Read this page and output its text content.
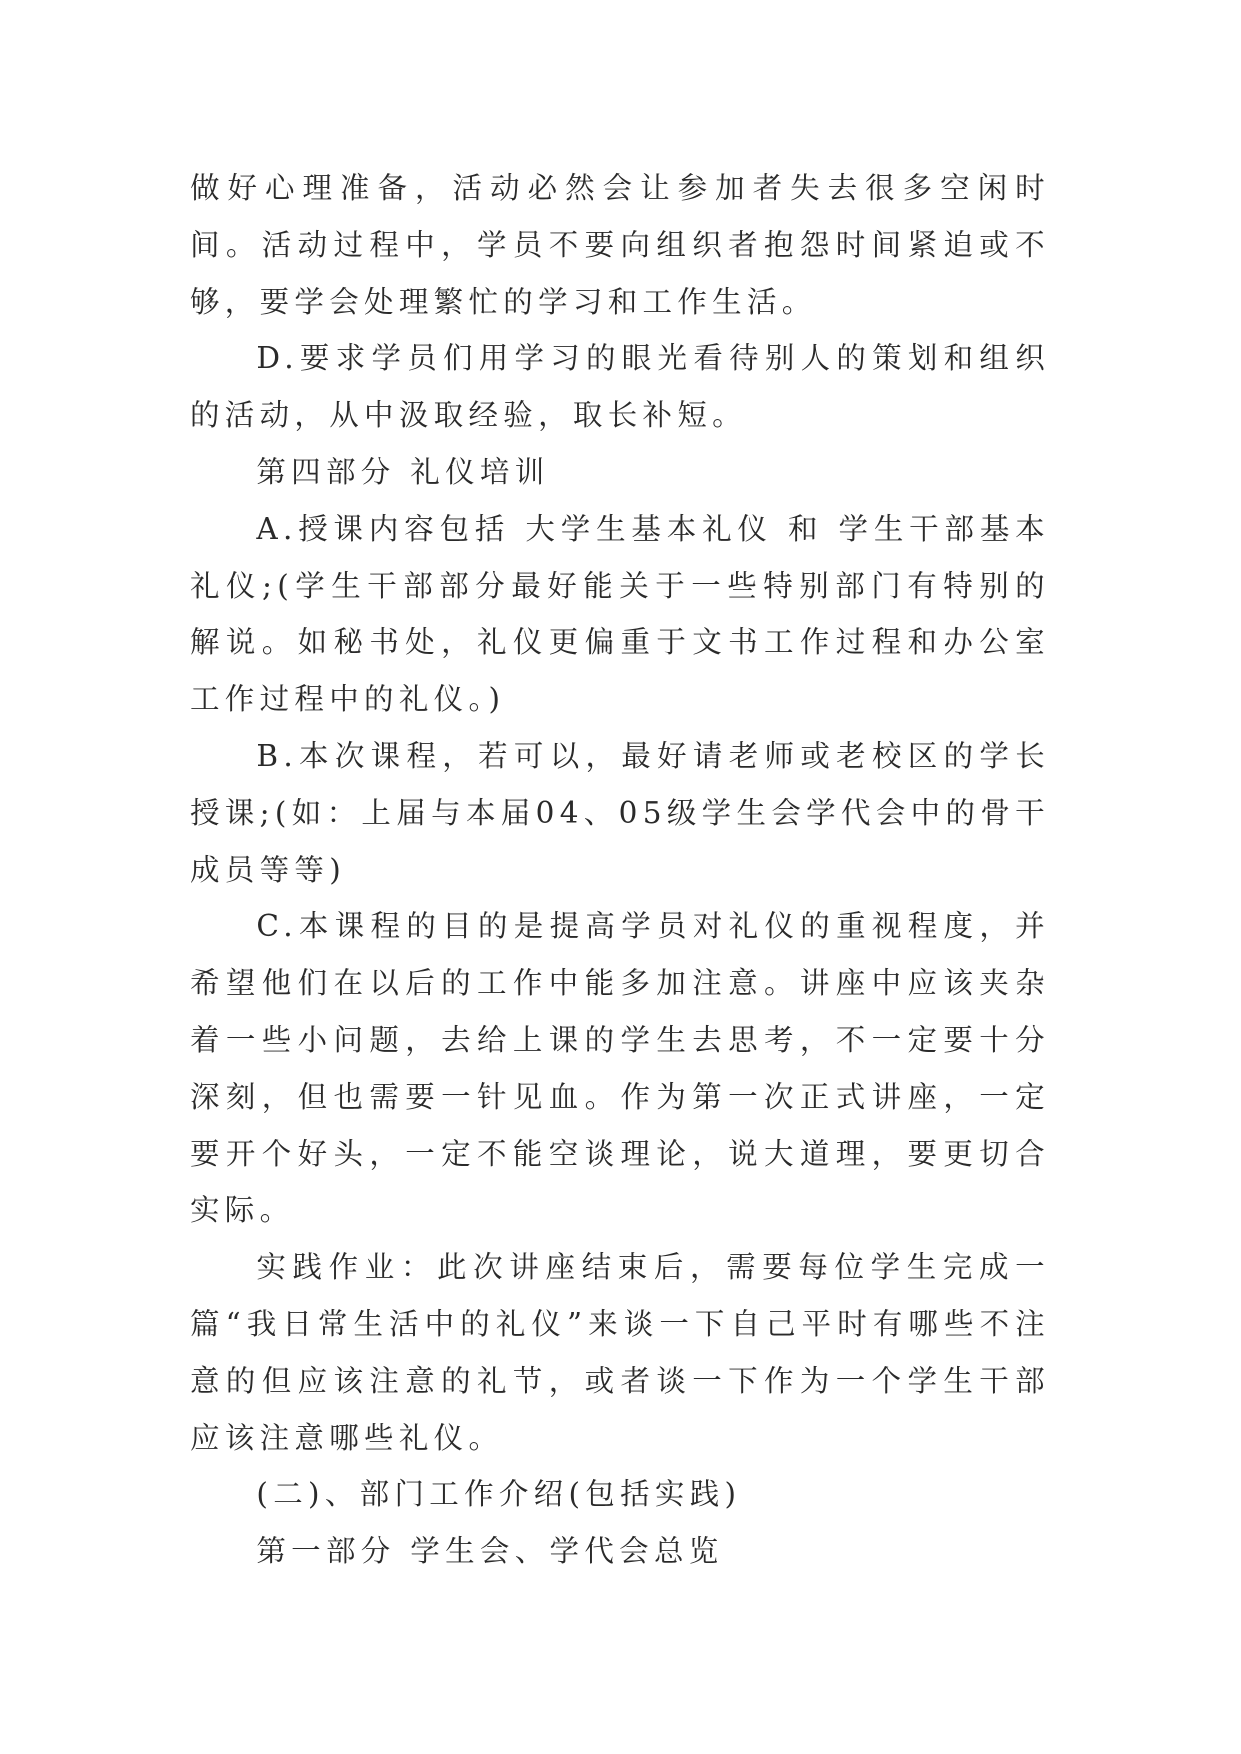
做好心理准备，活动必然会让参加者失去很多空闲时间。活动过程中，学员不要向组织者抱怨时间紧迫或不够，要学会处理繁忙的学习和工作生活。

D.要求学员们用学习的眼光看待别人的策划和组织的活动，从中汲取经验，取长补短。

第四部分 礼仪培训

A.授课内容包括 大学生基本礼仪 和 学生干部基本礼仪;(学生干部部分最好能关于一些特别部门有特别的解说。如秘书处，礼仪更偏重于文书工作过程和办公室工作过程中的礼仪。)

B.本次课程，若可以，最好请老师或老校区的学长授课;(如：上届与本届04、05级学生会学代会中的骨干成员等等)

C.本课程的目的是提高学员对礼仪的重视程度，并希望他们在以后的工作中能多加注意。讲座中应该夹杂着一些小问题，去给上课的学生去思考，不一定要十分深刻，但也需要一针见血。作为第一次正式讲座，一定要开个好头，一定不能空谈理论，说大道理，要更切合实际。

实践作业：此次讲座结束后，需要每位学生完成一篇“我日常生活中的礼仪”来谈一下自己平时有哪些不注意的但应该注意的礼节，或者谈一下作为一个学生干部应该注意哪些礼仪。

(二)、部门工作介绍(包括实践)

第一部分 学生会、学代会总览
